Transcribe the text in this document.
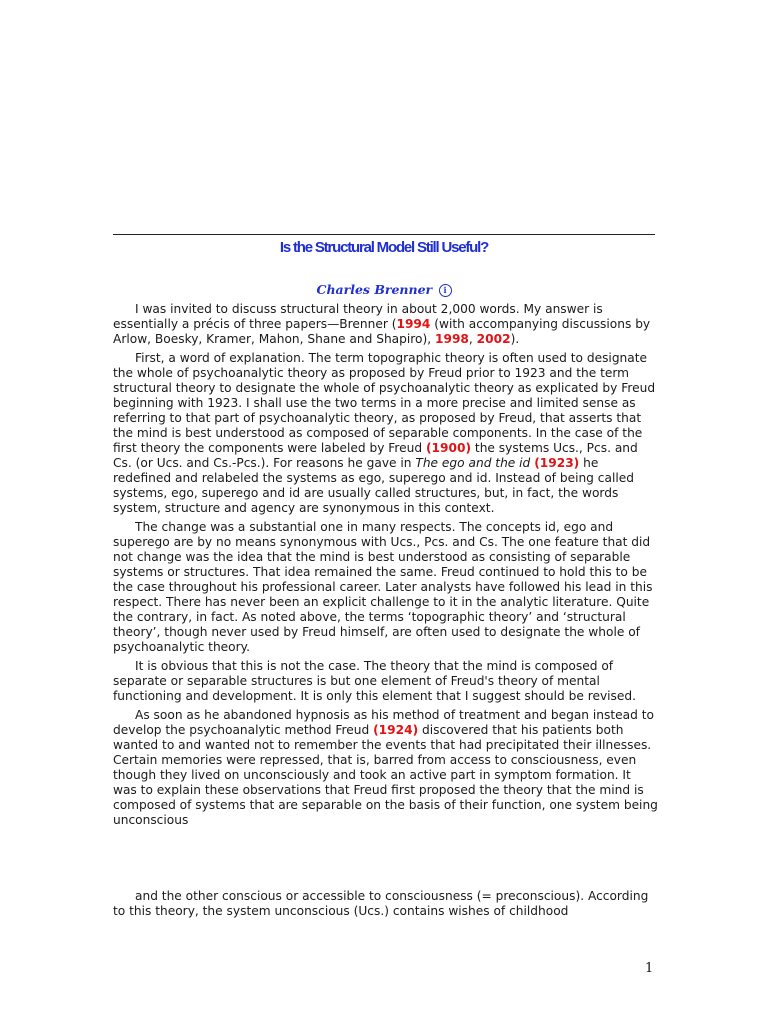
Is the Structural Model Still Useful?
Charles Brenner i

I was invited to discuss structural theory in about 2,000 words. My answer is essentially a précis of three papers—Brenner (1994 (with accompanying discussions by Arlow, Boesky, Kramer, Mahon, Shane and Shapiro), 1998, 2002).

First, a word of explanation. The term topographic theory is often used to designate the whole of psychoanalytic theory as proposed by Freud prior to 1923 and the term structural theory to designate the whole of psychoanalytic theory as explicated by Freud beginning with 1923. I shall use the two terms in a more precise and limited sense as referring to that part of psychoanalytic theory, as proposed by Freud, that asserts that the mind is best understood as composed of separable components. In the case of the first theory the components were labeled by Freud (1900) the systems Ucs., Pcs. and Cs. (or Ucs. and Cs.-Pcs.). For reasons he gave in The ego and the id (1923) he redefined and relabeled the systems as ego, superego and id. Instead of being called systems, ego, superego and id are usually called structures, but, in fact, the words system, structure and agency are synonymous in this context.

The change was a substantial one in many respects. The concepts id, ego and superego are by no means synonymous with Ucs., Pcs. and Cs. The one feature that did not change was the idea that the mind is best understood as consisting of separable systems or structures. That idea remained the same. Freud continued to hold this to be the case throughout his professional career. Later analysts have followed his lead in this respect. There has never been an explicit challenge to it in the analytic literature. Quite the contrary, in fact. As noted above, the terms ‘topographic theory’ and ‘structural theory’, though never used by Freud himself, are often used to designate the whole of psychoanalytic theory.

It is obvious that this is not the case. The theory that the mind is composed of separate or separable structures is but one element of Freud's theory of mental functioning and development. It is only this element that I suggest should be revised.

As soon as he abandoned hypnosis as his method of treatment and began instead to develop the psychoanalytic method Freud (1924) discovered that his patients both wanted to and wanted not to remember the events that had precipitated their illnesses. Certain memories were repressed, that is, barred from access to consciousness, even though they lived on unconsciously and took an active part in symptom formation. It was to explain these observations that Freud first proposed the theory that the mind is composed of systems that are separable on the basis of their function, one system being unconscious

and the other conscious or accessible to consciousness (= preconscious). According to this theory, the system unconscious (Ucs.) contains wishes of childhood

1
